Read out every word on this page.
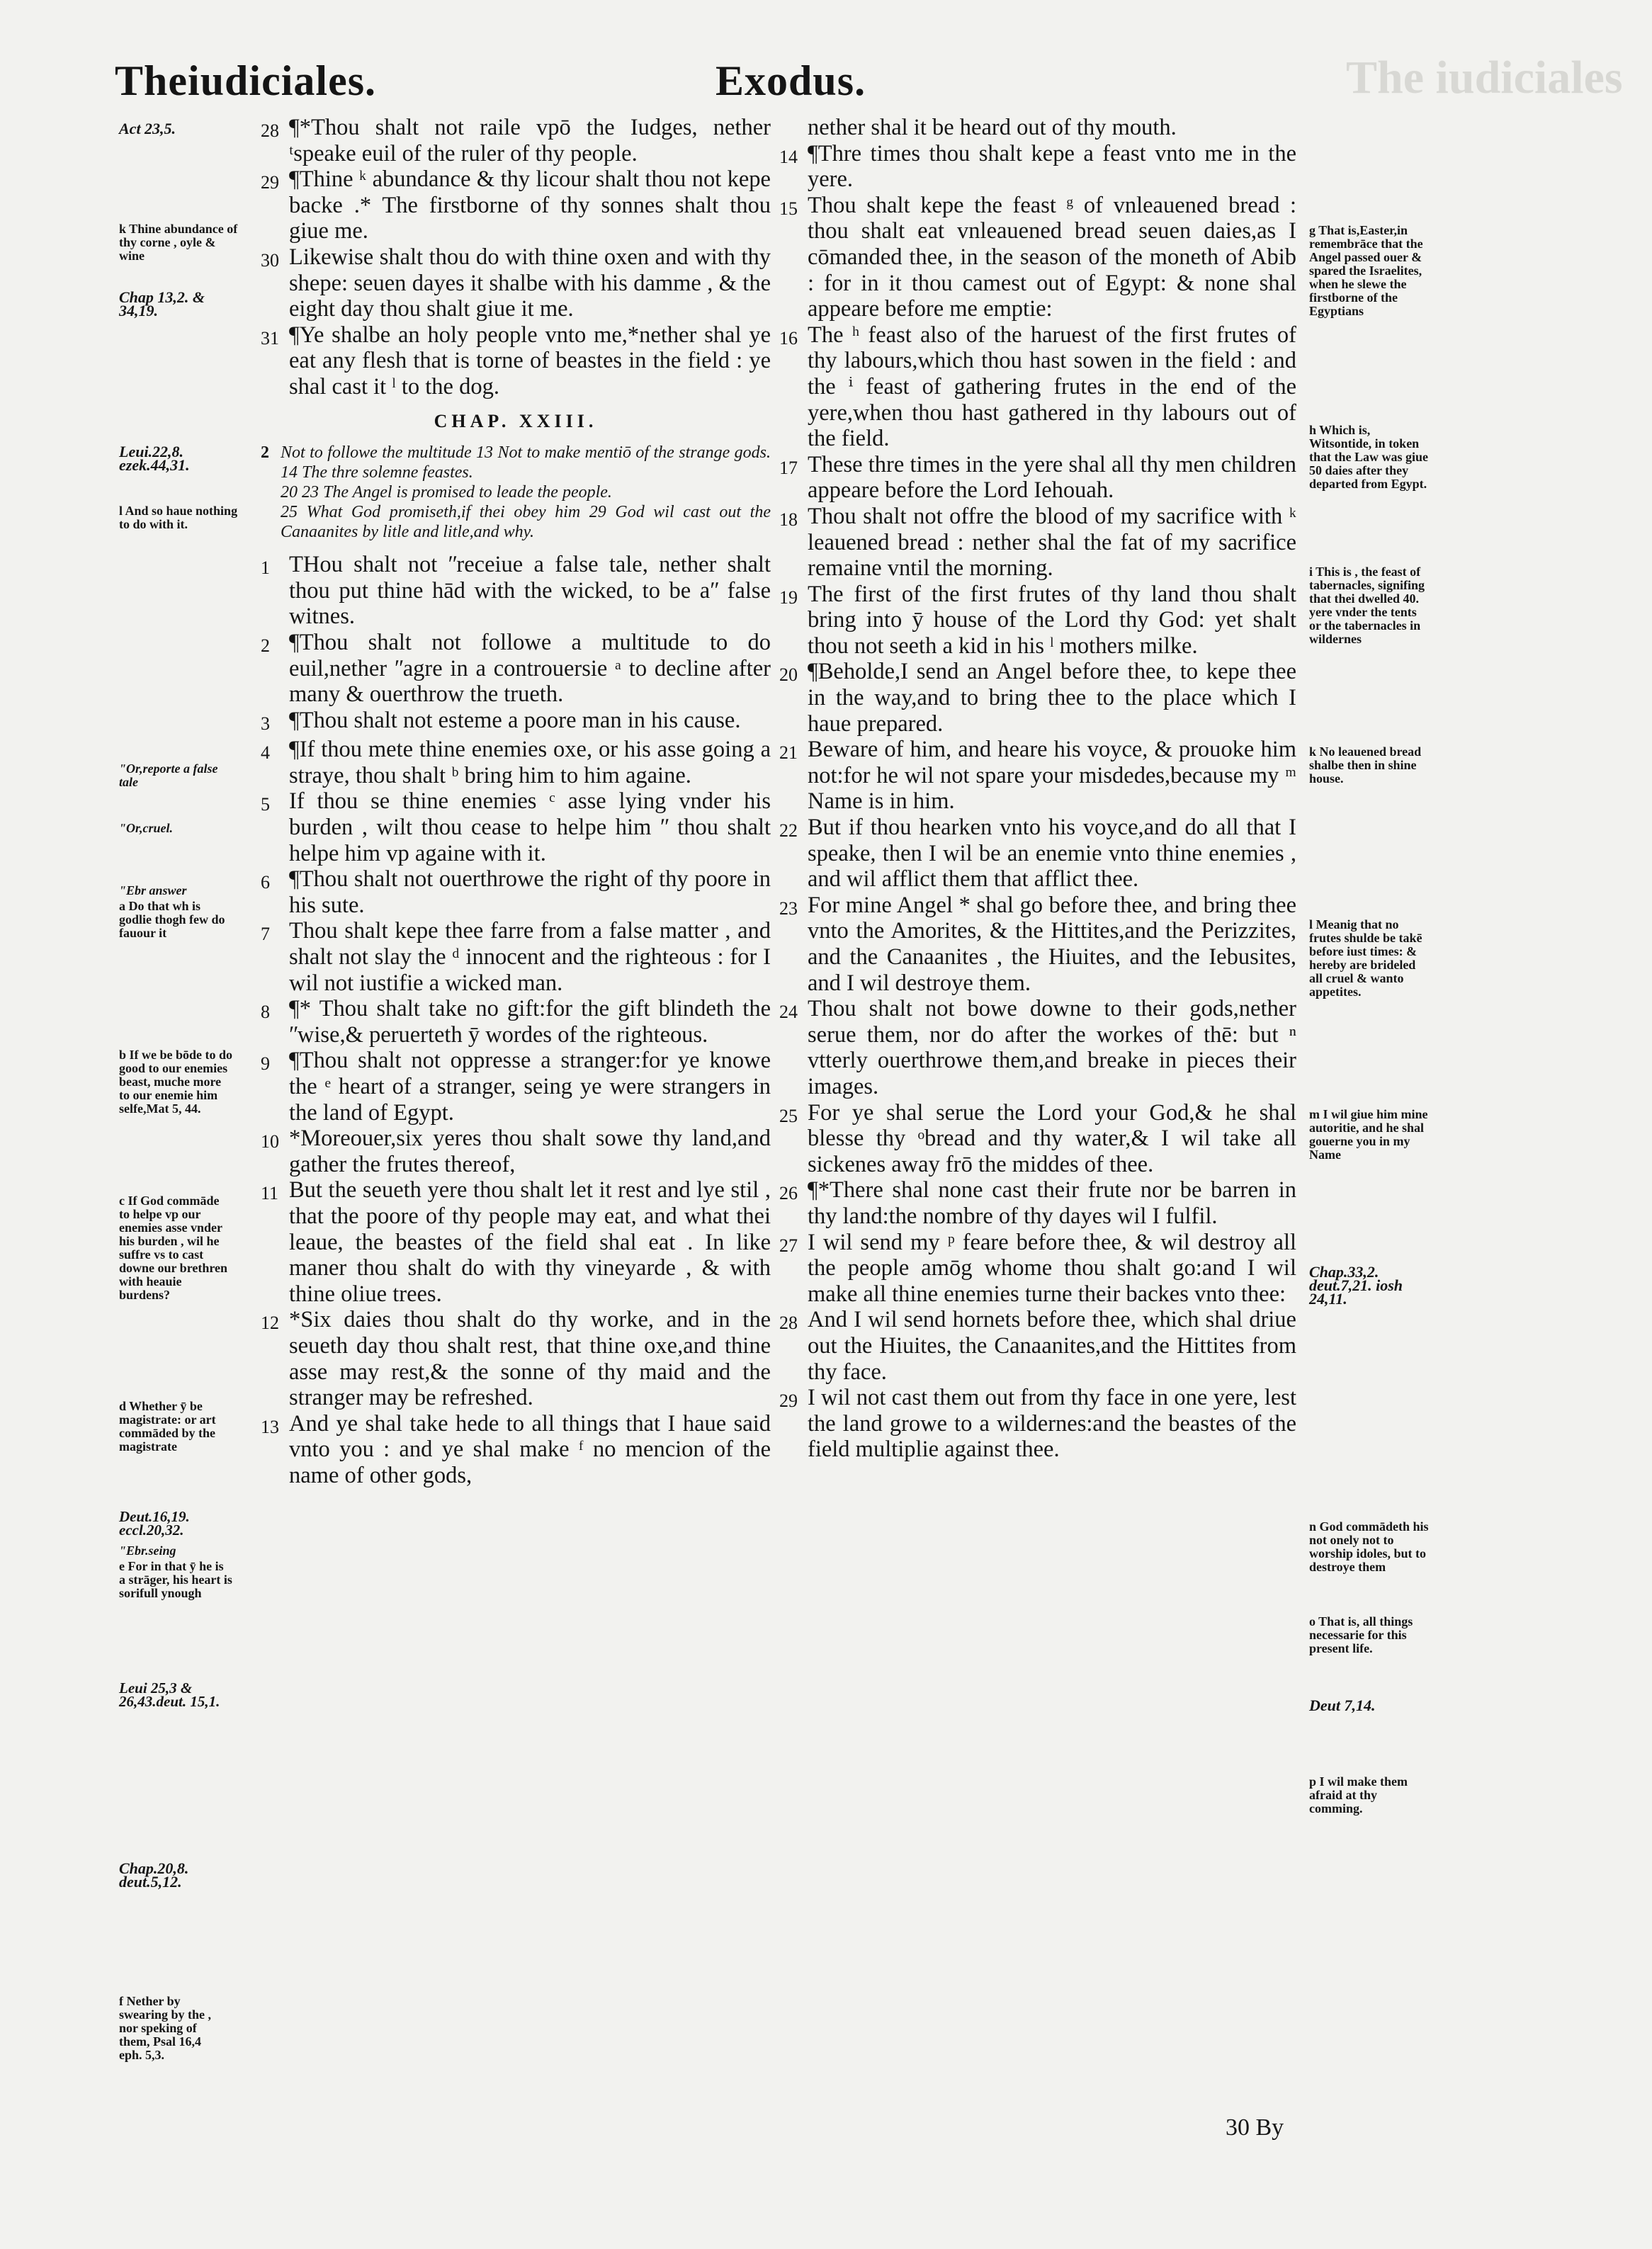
Theiudiciales.	Exodus.	The iudiciales
28 ¶*Thou shalt not raile vpō the Iudges, nether ᵗspeake euil of the ruler of thy people.
29 ¶Thine ᵏ abundance & thy licour shalt thou not kepe backe .* The firstborne of thy sonnes shalt thou giue me.
30 Likewise shalt thou do with thine oxen and with thy shepe: seuen dayes it shalbe with his damme , & the eight day thou shalt giue it me.
31 ¶Ye shalbe an holy people vnto me,*nether shal ye eat any flesh that is torne of beastes in the field : ye shal cast it ˡ to the dog.
CHAP. XXIII.
2 Not to followe the multitude 13 Not to make mentiō of the strange gods. 14 The thre solemne feastes.
20 23 The Angel is promised to leade the people.
25 What God promiseth,if thei obey him 29 God wil cast out the Canaanites by litle and litle,and why.
1 THou shalt not ʺreceiue a false tale, nether shalt thou put thine hād with the wicked, to be aʺ false witnes.
2 ¶Thou shalt not followe a multitude to do euil,nether ʺagre in a controuersie ᵃ to decline after many & ouerthrow the trueth.
3 ¶Thou shalt not esteme a poore man in his cause.
4 ¶If thou mete thine enemies oxe, or his asse going a straye, thou shalt ᵇ bring him to him againe.
5 If thou se thine enemies ᶜ asse lying vnder his burden , wilt thou cease to helpe him ʺ thou shalt helpe him vp againe with it.
6 ¶Thou shalt not ouerthrowe the right of thy poore in his sute.
7 Thou shalt kepe thee farre from a false matter , and shalt not slay the ᵈ innocent and the righteous : for I wil not iustifie a wicked man.
8 ¶* Thou shalt take no gift:for the gift blindeth the ʺwise,& peruerteth ȳ wordes of the righteous.
9 ¶Thou shalt not oppresse a stranger:for ye knowe the ᵉ heart of a stranger, seing ye were strangers in the land of Egypt.
10 *Moreouer,six yeres thou shalt sowe thy land,and gather the frutes thereof,
11 But the seueth yere thou shalt let it rest and lye stil , that the poore of thy people may eat, and what thei leaue, the beastes of the field shal eat . In like maner thou shalt do with thy vineyarde , & with thine oliue trees.
12 *Six daies thou shalt do thy worke, and in the seueth day thou shalt rest, that thine oxe,and thine asse may rest,& the sonne of thy maid and the stranger may be refreshed.
13 And ye shal take hede to all things that I haue said vnto you : and ye shal make ᶠ no mencion of the name of other gods,
nether shal it be heard out of thy mouth.
14 ¶Thre times thou shalt kepe a feast vnto me in the yere.
15 Thou shalt kepe the feast ᵍ of vnleauened bread : thou shalt eat vnleauened bread seuen daies,as I cōmanded thee, in the season of the moneth of Abib : for in it thou camest out of Egypt: & none shal appeare before me emptie:
16 The ʰ feast also of the haruest of the first frutes of thy labours,which thou hast sowen in the field : and the ⁱ feast of gathering frutes in the end of the yere,when thou hast gathered in thy labours out of the field.
17 These thre times in the yere shal all thy men children appeare before the Lord Iehouah.
18 Thou shalt not offre the blood of my sacrifice with ᵏ leauened bread : nether shal the fat of my sacrifice remaine vntil the morning.
19 The first of the first frutes of thy land thou shalt bring into ȳ house of the Lord thy God: yet shalt thou not seeth a kid in his ˡ mothers milke.
20 ¶Beholde,I send an Angel before thee, to kepe thee in the way,and to bring thee to the place which I haue prepared.
21 Beware of him, and heare his voyce, & prouoke him not:for he wil not spare your misdedes,because my ᵐ Name is in him.
22 But if thou hearken vnto his voyce,and do all that I speake, then I wil be an enemie vnto thine enemies , and wil afflict them that afflict thee.
23 For mine Angel * shal go before thee, and bring thee vnto the Amorites, & the Hittites,and the Perizzites, and the Canaanites , the Hiuites, and the Iebusites, and I wil destroye them.
24 Thou shalt not bowe downe to their gods,nether serue them, nor do after the workes of thē: but ⁿ vtterly ouerthrowe them,and breake in pieces their images.
25 For ye shal serue the Lord your God,& he shal blesse thy ᵒbread and thy water,& I wil take all sickenes away frō the middes of thee.
26 ¶*There shal none cast their frute nor be barren in thy land:the nombre of thy dayes wil I fulfil.
27 I wil send my ᵖ feare before thee, & wil destroy all the people amōg whome thou shalt go:and I wil make all thine enemies turne their backes vnto thee:
28 And I wil send hornets before thee, which shal driue out the Hiuites, the Canaanites,and the Hittites from thy face.
29 I wil not cast them out from thy face in one yere, lest the land growe to a wildernes:and the beastes of the field multiplie against thee.
Act 23,5.
k Thine abundance of thy corne , oyle & wine
Chap 13,2. & 34,19.
Leui.22,8. ezek.44,31.
l And so haue nothing to do with it.
ʺOr,reporte a false tale
ʺOr,cruel.
ʺEbr answer
a Do that wh is godlie thogh few do fauour it
b If we be bōde to do good to our enemies beast, muche more to our enemie him selfe,Mat 5, 44.
c If God commāde to helpe vp our enemies asse vnder his burden , wil he suffre vs to cast downe our brethren with heauie burdens?
d Whether ȳ be magistrate: or art commāded by the magistrate
Deut.16,19. eccl.20,32.
ʺEbr.seing
e For in that ȳ he is a strāger, his heart is sorifull ynough
Leui 25,3 & 26,43.deut. 15,1.
Chap.20,8. deut.5,12.
f Nether by swearing by the , nor speking of them, Psal 16,4 eph. 5,3.
g That is,Easter,in remembrāce that the Angel passed ouer & spared the Israelites, when he slewe the firstborne of the Egyptians
h Which is, Witsontide, in token that the Law was giue 50 daies after they departed from Egypt.
i This is , the feast of tabernacles, signifing that thei dwelled 40. yere vnder the tents or the tabernacles in wildernes
k No leauened bread shalbe then in shine house.
l Meanig that no frutes shulde be takē before iust times: & hereby are brideled all cruel & wanto appetites.
m I wil giue him mine autoritie, and he shal gouerne you in my Name
Chap.33,2. deut.7,21. iosh 24,11.
n God commādeth his not onely not to worship idoles, but to destroye them
o That is, all things necessarie for this present life.
Deut 7,14.
p I wil make them afraid at thy comming.
30 By
